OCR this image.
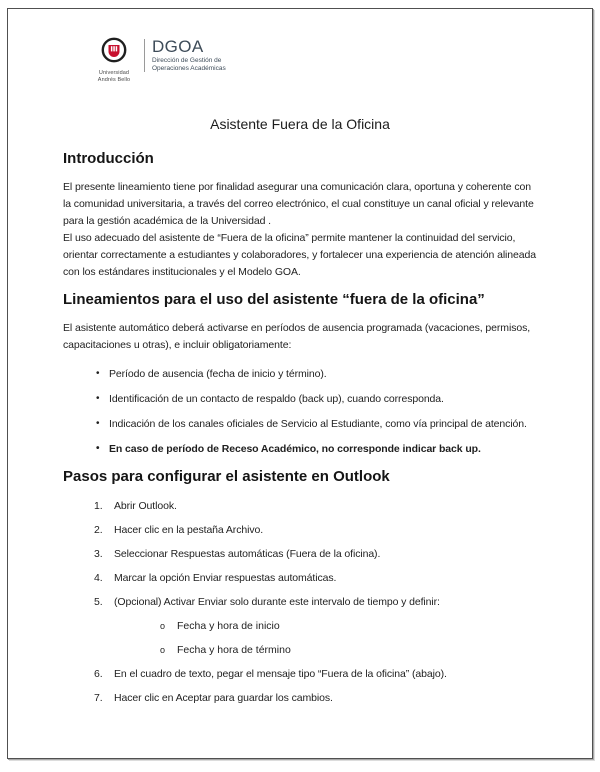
Universidad
Andrés Bello
DGOA
Dirección de Gestión de
Operaciones Académicas
Asistente Fuera de la Oficina
Introducción
El presente lineamiento tiene por finalidad asegurar una comunicación clara, oportuna y coherente con la comunidad universitaria, a través del correo electrónico, el cual constituye un canal oficial y relevante para la gestión académica de la Universidad .
El uso adecuado del asistente de “Fuera de la oficina” permite mantener la continuidad del servicio, orientar correctamente a estudiantes y colaboradores, y fortalecer una experiencia de atención alineada con los estándares institucionales y el Modelo GOA.
Lineamientos para el uso del asistente “fuera de la oficina”
El asistente automático deberá activarse en períodos de ausencia programada (vacaciones, permisos, capacitaciones u otras), e incluir obligatoriamente:
• Período de ausencia (fecha de inicio y término).
• Identificación de un contacto de respaldo (back up), cuando corresponda.
• Indicación de los canales oficiales de Servicio al Estudiante, como vía principal de atención.
• En caso de período de Receso Académico, no corresponde indicar back up.
Pasos para configurar el asistente en Outlook
1.	Abrir Outlook.
2.	Hacer clic en la pestaña Archivo.
3.	Seleccionar Respuestas automáticas (Fuera de la oficina).
4.	Marcar la opción Enviar respuestas automáticas.
5.	(Opcional) Activar Enviar solo durante este intervalo de tiempo y definir:
o	Fecha y hora de inicio
o	Fecha y hora de término
6.	En el cuadro de texto, pegar el mensaje tipo “Fuera de la oficina” (abajo).
7.	Hacer clic en Aceptar para guardar los cambios.
